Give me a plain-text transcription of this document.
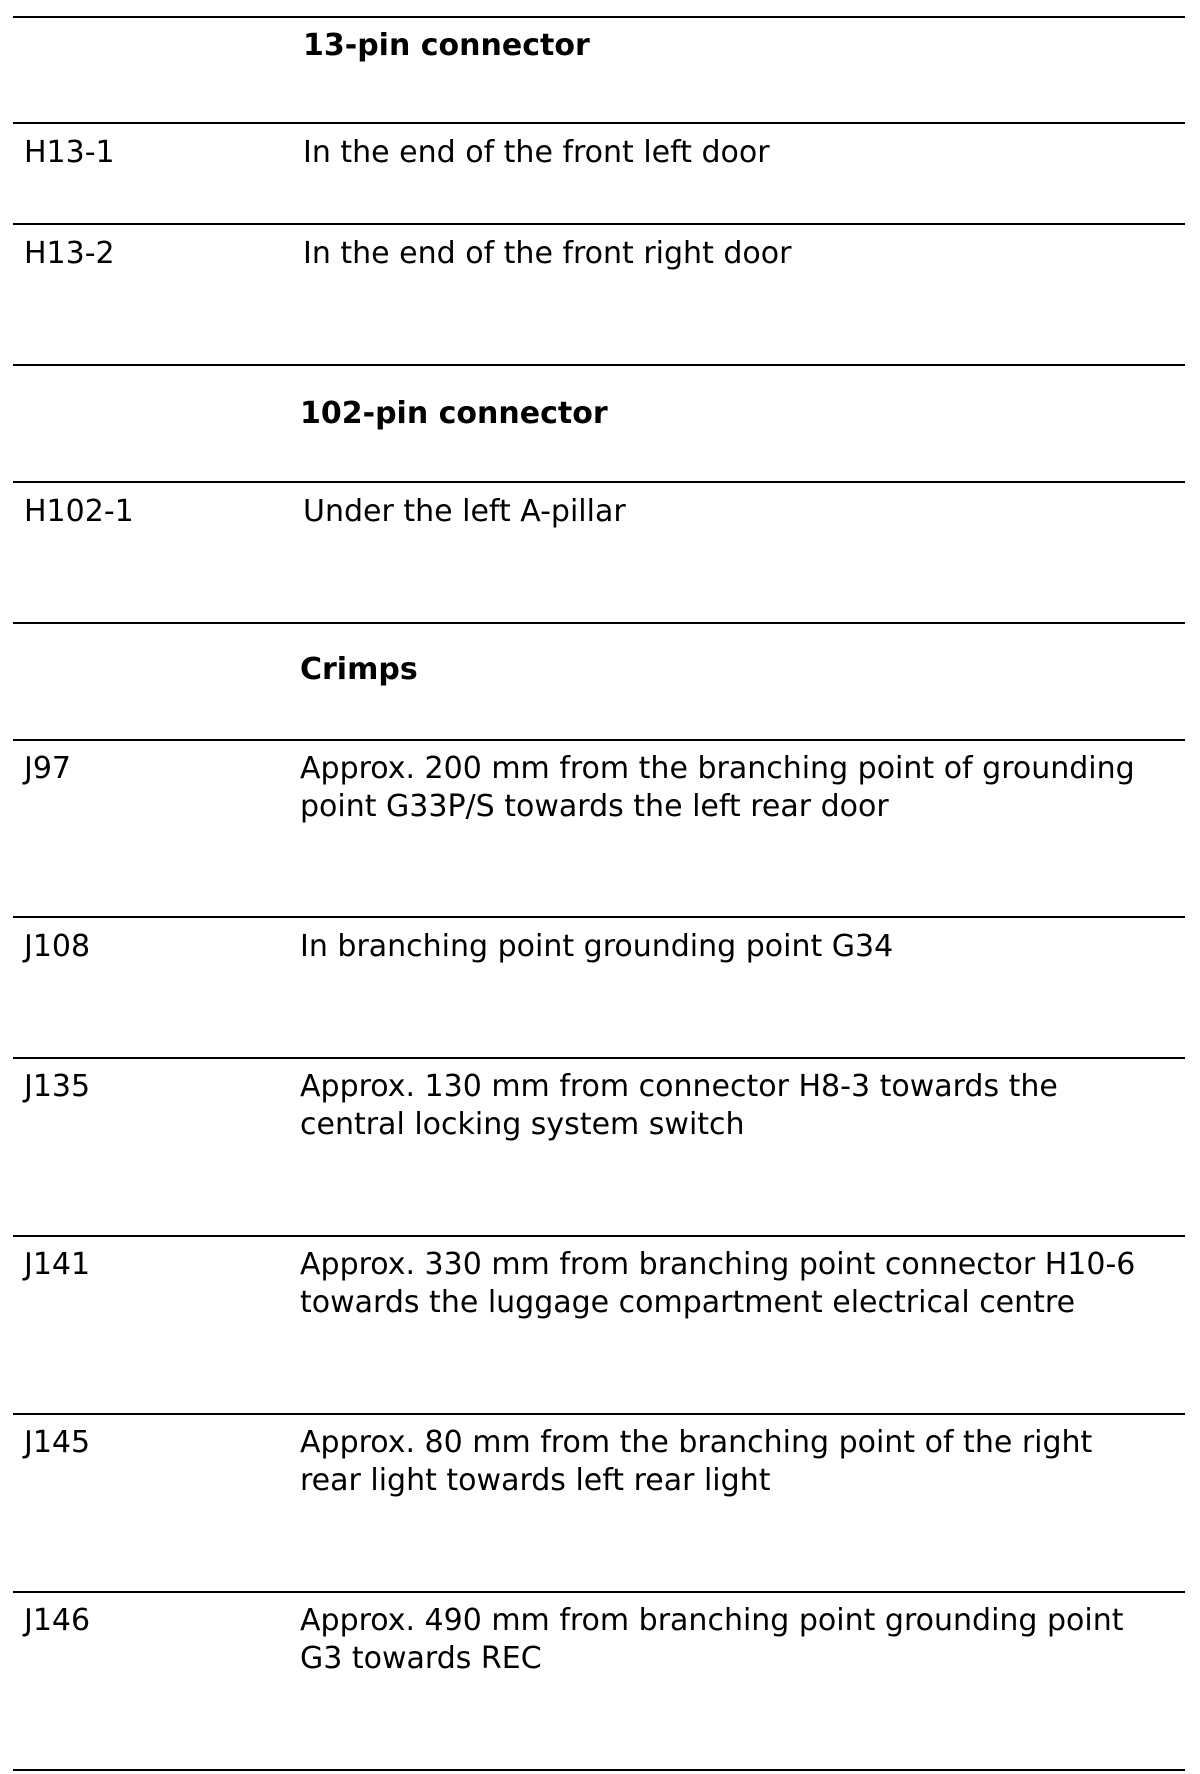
13-pin connector
H13-1	In the end of the front left door
H13-2	In the end of the front right door
102-pin connector
H102-1	Under the left A-pillar
Crimps
J97	Approx. 200 mm from the branching point of grounding
point G33P/S towards the left rear door
J108	In branching point grounding point G34
J135	Approx. 130 mm from connector H8-3 towards the
central locking system switch
J141	Approx. 330 mm from branching point connector H10-6
towards the luggage compartment electrical centre
J145	Approx. 80 mm from the branching point of the right
rear light towards left rear light
J146	Approx. 490 mm from branching point grounding point
G3 towards REC
